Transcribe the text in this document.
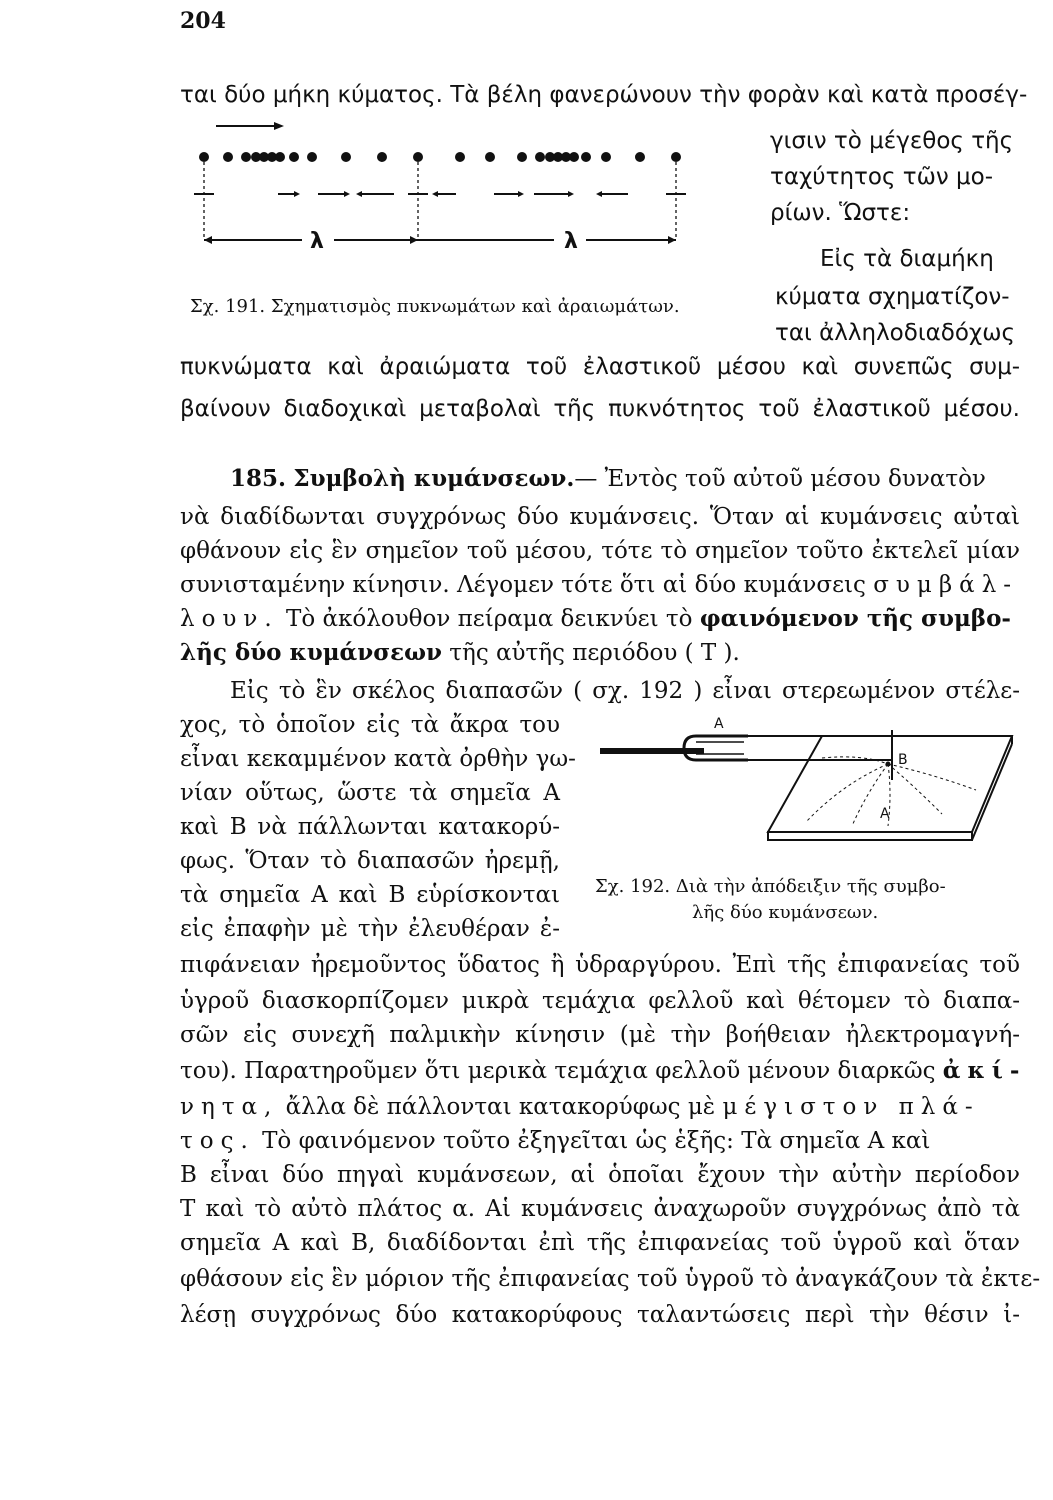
204
ται δύο μήκη κύματος. Τὰ βέλη φανερώνουν τὴν φορὰν καὶ κατὰ προσέγ-
λ	λ
γισιν τὸ μέγεθος τῆς
ταχύτητος τῶν μο-
ρίων. Ὥστε:
Εἰς τὰ διαμήκη
κύματα σχηματίζον-
ται ἀλληλοδιαδόχως
Σχ. 191. Σχηματισμὸς πυκνωμάτων καὶ ἀραιωμάτων.
πυκνώματα καὶ ἀραιώματα τοῦ ἐλαστικοῦ μέσου καὶ συνεπῶς συμ-
βαίνουν διαδοχικαὶ μεταβολαὶ τῆς πυκνότητος τοῦ ἐλαστικοῦ μέσου.
185. Συμβολὴ κυμάνσεων.— Ἐντὸς τοῦ αὐτοῦ μέσου δυνατὸν
νὰ διαδίδωνται συγχρόνως δύο κυμάνσεις. Ὅταν αἱ κυμάνσεις αὐταὶ
φθάνουν εἰς ἓν σημεῖον τοῦ μέσου, τότε τὸ σημεῖον τοῦτο ἐκτελεῖ μίαν
συνισταμένην κίνησιν. Λέγομεν τότε ὅτι αἱ δύο κυμάνσεις συμβάλ-
λουν. Τὸ ἀκόλουθον πείραμα δεικνύει τὸ φαινόμενον τῆς συμβο-
λῆς δύο κυμάνσεων τῆς αὐτῆς περιόδου ( Τ ).
Εἰς τὸ ἓν σκέλος διαπασῶν ( σχ. 192 ) εἶναι στερεωμένον στέλε-
χος, τὸ ὁποῖον εἰς τὰ ἄκρα του
εἶναι κεκαμμένον κατὰ ὀρθὴν γω-
νίαν οὕτως, ὥστε τὰ σημεῖα Α
καὶ Β νὰ πάλλωνται κατακορύ-
φως. Ὅταν τὸ διαπασῶν ἠρεμῇ,
τὰ σημεῖα Α καὶ Β εὑρίσκονται
εἰς ἐπαφὴν μὲ τὴν ἐλευθέραν ἐ-
Α
Β
Α
Σχ. 192. Διὰ τὴν ἀπόδειξιν τῆς συμβο-
λῆς δύο κυμάνσεων.
πιφάνειαν ἠρεμοῦντος ὕδατος ἢ ὑδραργύρου. Ἐπὶ τῆς ἐπιφανείας τοῦ
ὑγροῦ διασκορπίζομεν μικρὰ τεμάχια φελλοῦ καὶ θέτομεν τὸ διαπα-
σῶν εἰς συνεχῆ παλμικὴν κίνησιν (μὲ τὴν βοήθειαν ἠλεκτρομαγνή-
του). Παρατηροῦμεν ὅτι μερικὰ τεμάχια φελλοῦ μένουν διαρκῶς ἀκί-
νητα, ἄλλα δὲ πάλλονται κατακορύφως μὲ μέγιστον πλά-
τος. Τὸ φαινόμενον τοῦτο ἐξηγεῖται ὡς ἑξῆς: Τὰ σημεῖα Α καὶ
Β εἶναι δύο πηγαὶ κυμάνσεων, αἱ ὁποῖαι ἔχουν τὴν αὐτὴν περίοδον
Τ καὶ τὸ αὐτὸ πλάτος α. Αἱ κυμάνσεις ἀναχωροῦν συγχρόνως ἀπὸ τὰ
σημεῖα Α καὶ Β, διαδίδονται ἐπὶ τῆς ἐπιφανείας τοῦ ὑγροῦ καὶ ὅταν
φθάσουν εἰς ἓν μόριον τῆς ἐπιφανείας τοῦ ὑγροῦ τὸ ἀναγκάζουν τὰ ἐκτε-
λέσῃ συγχρόνως δύο κατακορύφους ταλαντώσεις περὶ τὴν θέσιν ἰ-
